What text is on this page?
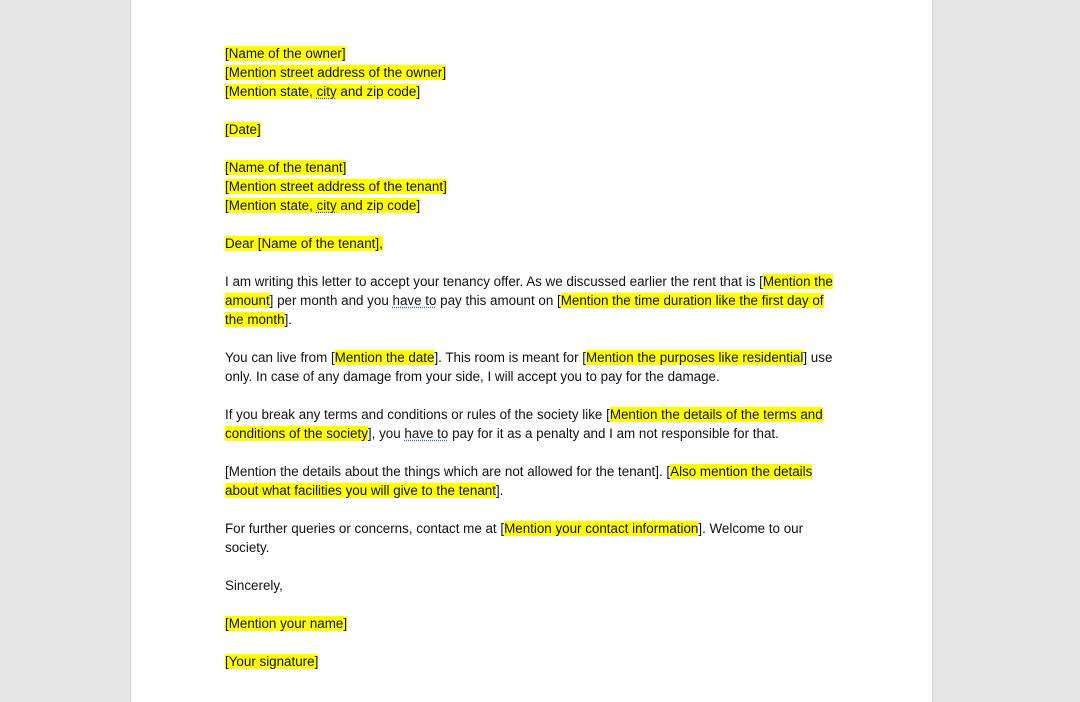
[Name of the owner]
[Mention street address of the owner]
[Mention state, city and zip code]
[Date]
[Name of the tenant]
[Mention street address of the tenant]
[Mention state, city and zip code]
Dear [Name of the tenant],
I am writing this letter to accept your tenancy offer. As we discussed earlier the rent that is [Mention the
amount] per month and you have to pay this amount on [Mention the time duration like the first day of
the month].
You can live from [Mention the date]. This room is meant for [Mention the purposes like residential] use
only. In case of any damage from your side, I will accept you to pay for the damage.
If you break any terms and conditions or rules of the society like [Mention the details of the terms and
conditions of the society], you have to pay for it as a penalty and I am not responsible for that.
[Mention the details about the things which are not allowed for the tenant]. [Also mention the details
about what facilities you will give to the tenant].
For further queries or concerns, contact me at [Mention your contact information]. Welcome to our
society.
Sincerely,
[Mention your name]
[Your signature]
